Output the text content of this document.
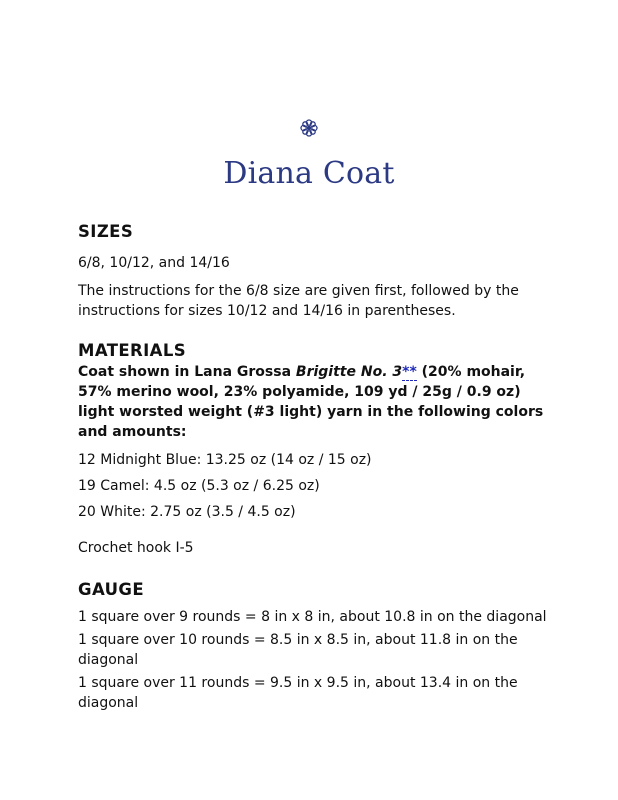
Diana Coat
SIZES

6/8, 10/12, and 14/16

The instructions for the 6/8 size are given first, followed by the instructions for sizes 10/12 and 14/16 in parentheses.

MATERIALS

Coat shown in Lana Grossa Brigitte No. 3** (20% mohair, 57% merino wool, 23% polyamide, 109 yd / 25g / 0.9 oz) light worsted weight (#3 light) yarn in the following colors and amounts:

12 Midnight Blue: 13.25 oz (14 oz / 15 oz)

19 Camel: 4.5 oz (5.3 oz / 6.25 oz)

20 White: 2.75 oz (3.5 / 4.5 oz)

Crochet hook I-5

GAUGE

1 square over 9 rounds = 8 in x 8 in, about 10.8 in on the diagonal

1 square over 10 rounds = 8.5 in x 8.5 in, about 11.8 in on the diagonal

1 square over 11 rounds = 9.5 in x 9.5 in, about 13.4 in on the diagonal
